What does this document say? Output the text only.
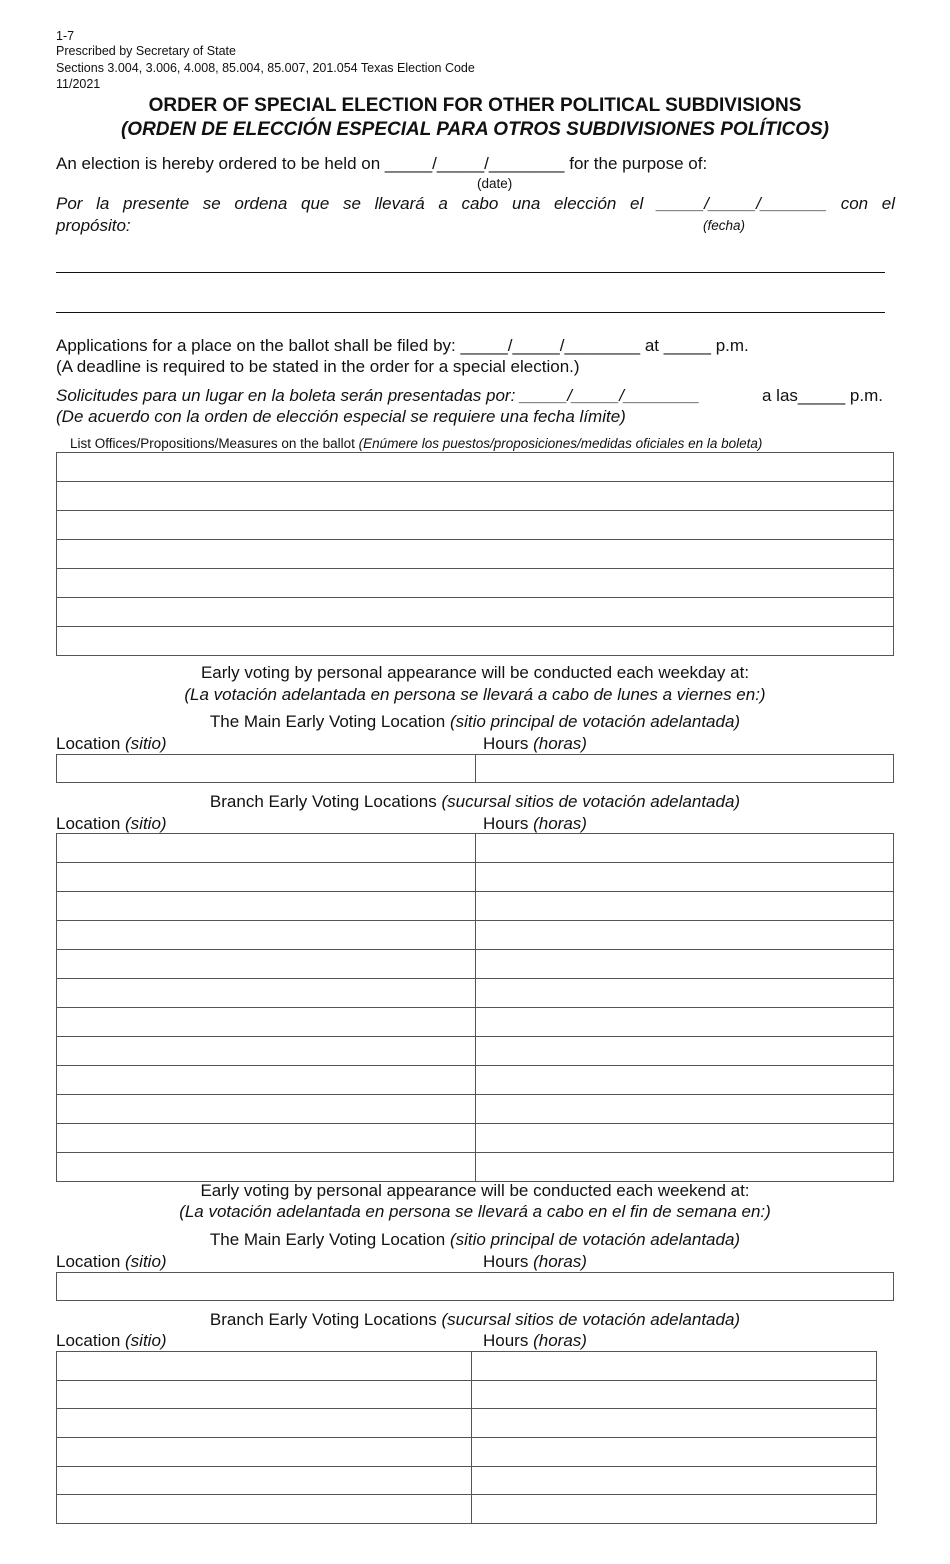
1-7
Prescribed by Secretary of State
Sections 3.004, 3.006, 4.008, 85.004, 85.007, 201.054 Texas Election Code
11/2021
ORDER OF SPECIAL ELECTION FOR OTHER POLITICAL SUBDIVISIONS
(ORDEN DE ELECCIÓN ESPECIAL PARA OTROS SUBDIVISIONES POLÍTICOS)
An election is hereby ordered to be held on _____/_____/________ for the purpose of:
(date)
Por la presente se ordena que se llevará a cabo una elección el _____/_____/_______ con el
propósito:	(fecha)
Applications for a place on the ballot shall be filed by: _____/_____/________ at _____ p.m.
(A deadline is required to be stated in the order for a special election.)
Solicitudes para un lugar en la boleta serán presentadas por: _____/_____/________	a las_____ p.m.
(De acuerdo con la orden de elección especial se requiere una fecha límite)
List Offices/Propositions/Measures on the ballot (Enúmere los puestos/proposiciones/medidas oficiales en la boleta)

Early voting by personal appearance will be conducted each weekday at:
(La votación adelantada en persona se llevará a cabo de lunes a viernes en:)
The Main Early Voting Location (sitio principal de votación adelantada)
Location (sitio)	Hours (horas)

Branch Early Voting Locations (sucursal sitios de votación adelantada)
Location (sitio)	Hours (horas)

Early voting by personal appearance will be conducted each weekend at:
(La votación adelantada en persona se llevará a cabo en el fin de semana en:)
The Main Early Voting Location (sitio principal de votación adelantada)
Location (sitio)	Hours (horas)
Branch Early Voting Locations (sucursal sitios de votación adelantada)
Location (sitio)	Hours (horas)
